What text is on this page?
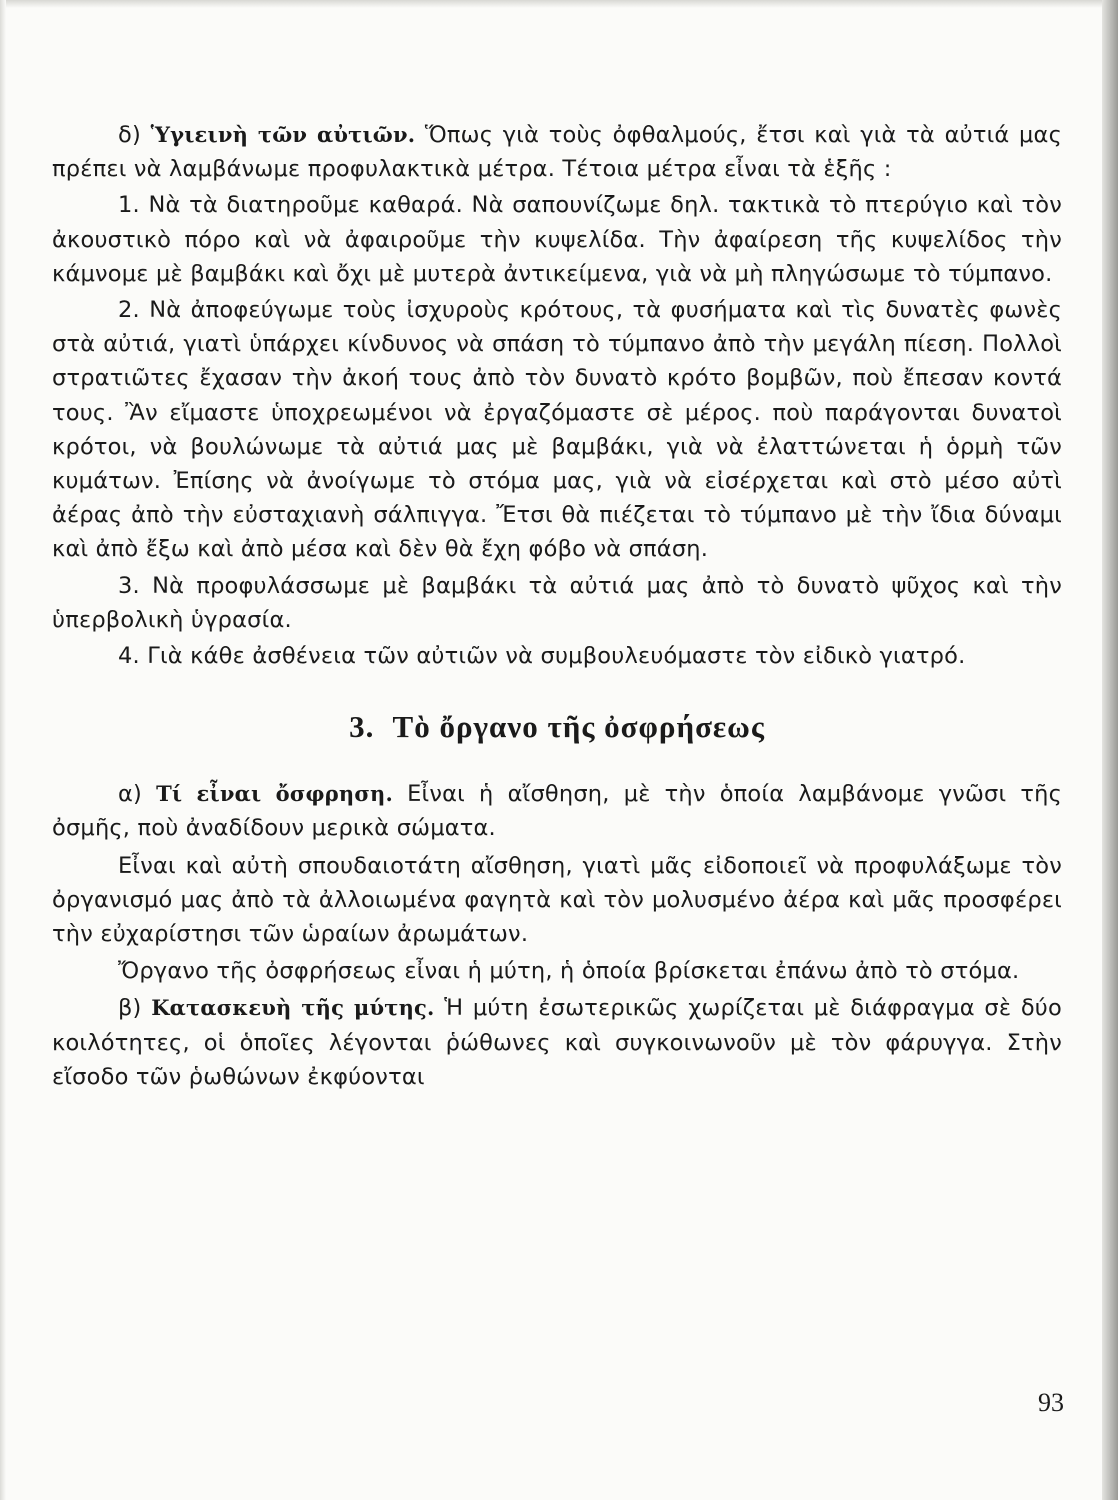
δ) Ὑγιεινὴ τῶν αὐτιῶν. Ὅπως γιὰ τοὺς ὀφθαλμούς, ἔτσι καὶ γιὰ τὰ αὐτιά μας πρέπει νὰ λαμβάνωμε προφυλακτικὰ μέτρα. Τέτοια μέτρα εἶναι τὰ ἑξῆς :

1. Νὰ τὰ διατηροῦμε καθαρά. Νὰ σαπουνίζωμε δηλ. τακτικὰ τὸ πτερύγιο καὶ τὸν ἀκουστικὸ πόρο καὶ νὰ ἀφαιροῦμε τὴν κυψελίδα. Τὴν ἀφαίρεση τῆς κυψελίδος τὴν κάμνομε μὲ βαμβάκι καὶ ὄχι μὲ μυτερὰ ἀντικείμενα, γιὰ νὰ μὴ πληγώσωμε τὸ τύμπανο.

2. Νὰ ἀποφεύγωμε τοὺς ἰσχυροὺς κρότους, τὰ φυσήματα καὶ τὶς δυνατὲς φωνὲς στὰ αὐτιά, γιατὶ ὑπάρχει κίνδυνος νὰ σπάση τὸ τύμπανο ἀπὸ τὴν μεγάλη πίεση. Πολλοὶ στρατιῶτες ἔχασαν τὴν ἀκοή τους ἀπὸ τὸν δυνατὸ κρότο βομβῶν, ποὺ ἔπεσαν κοντά τους. Ἂν εἴμαστε ὑποχρεωμένοι νὰ ἐργαζόμαστε σὲ μέρος. ποὺ παράγονται δυνατοὶ κρότοι, νὰ βουλώνωμε τὰ αὐτιά μας μὲ βαμβάκι, γιὰ νὰ ἐλαττώνεται ἡ ὁρμὴ τῶν κυμάτων. Ἐπίσης νὰ ἀνοίγωμε τὸ στόμα μας, γιὰ νὰ εἰσέρχεται καὶ στὸ μέσο αὐτὶ ἀέρας ἀπὸ τὴν εὐσταχιανὴ σάλπιγγα. Ἔτσι θὰ πιέζεται τὸ τύμπανο μὲ τὴν ἴδια δύναμι καὶ ἀπὸ ἔξω καὶ ἀπὸ μέσα καὶ δὲν θὰ ἔχη φόβο νὰ σπάση.

3. Νὰ προφυλάσσωμε μὲ βαμβάκι τὰ αὐτιά μας ἀπὸ τὸ δυνατὸ ψῦχος καὶ τὴν ὑπερβολικὴ ὑγρασία.

4. Γιὰ κάθε ἀσθένεια τῶν αὐτιῶν νὰ συμβουλευόμαστε τὸν εἰδικὸ γιατρό.

3. Τὸ ὄργανο τῆς ὀσφρήσεως

α) Τί εἶναι ὄσφρηση. Εἶναι ἡ αἴσθηση, μὲ τὴν ὁποία λαμβάνομε γνῶσι τῆς ὀσμῆς, ποὺ ἀναδίδουν μερικὰ σώματα.

Εἶναι καὶ αὐτὴ σπουδαιοτάτη αἴσθηση, γιατὶ μᾶς εἰδοποιεῖ νὰ προφυλάξωμε τὸν ὀργανισμό μας ἀπὸ τὰ ἀλλοιωμένα φαγητὰ καὶ τὸν μολυσμένο ἀέρα καὶ μᾶς προσφέρει τὴν εὐχαρίστησι τῶν ὡραίων ἀρωμάτων.

Ὄργανο τῆς ὀσφρήσεως εἶναι ἡ μύτη, ἡ ὁποία βρίσκεται ἐπάνω ἀπὸ τὸ στόμα.

β) Κατασκευὴ τῆς μύτης. Ἡ μύτη ἐσωτερικῶς χωρίζεται μὲ διάφραγμα σὲ δύο κοιλότητες, οἱ ὁποῖες λέγονται ῥώθωνες καὶ συγκοινωνοῦν μὲ τὸν φάρυγγα. Στὴν εἴσοδο τῶν ῥωθώνων ἐκφύονται

93
